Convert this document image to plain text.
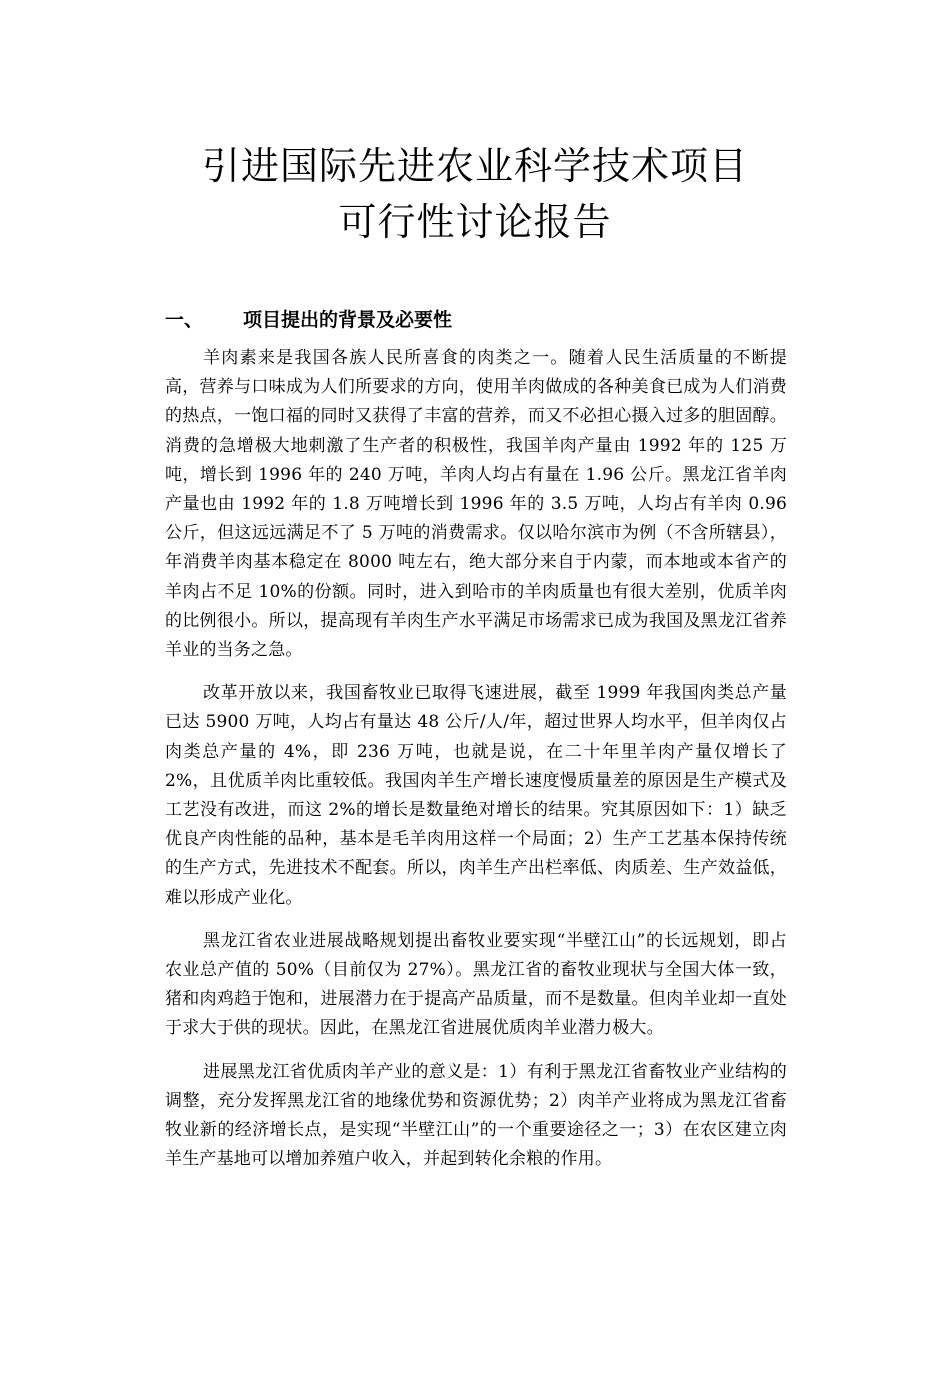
引进国际先进农业科学技术项目
可行性讨论报告
一、 项目提出的背景及必要性

羊肉素来是我国各族人民所喜食的肉类之一。随着人民生活质量的不断提高，营养与口味成为人们所要求的方向，使用羊肉做成的各种美食已成为人们消费的热点，一饱口福的同时又获得了丰富的营养，而又不必担心摄入过多的胆固醇。消费的急增极大地刺激了生产者的积极性，我国羊肉产量由 1992 年的 125 万吨，增长到 1996 年的 240 万吨，羊肉人均占有量在 1.96 公斤。黑龙江省羊肉产量也由 1992 年的 1.8 万吨增长到 1996 年的 3.5 万吨，人均占有羊肉 0.96 公斤，但这远远满足不了 5 万吨的消费需求。仅以哈尔滨市为例（不含所辖县），年消费羊肉基本稳定在 8000 吨左右，绝大部分来自于内蒙，而本地或本省产的羊肉占不足 10%的份额。同时，进入到哈市的羊肉质量也有很大差别，优质羊肉的比例很小。所以，提高现有羊肉生产水平满足市场需求已成为我国及黑龙江省养羊业的当务之急。

改革开放以来，我国畜牧业已取得飞速进展，截至 1999 年我国肉类总产量已达 5900 万吨，人均占有量达 48 公斤/人/年，超过世界人均水平，但羊肉仅占肉类总产量的 4%，即 236 万吨，也就是说，在二十年里羊肉产量仅增长了 2%，且优质羊肉比重较低。我国肉羊生产增长速度慢质量差的原因是生产模式及工艺没有改进，而这 2%的增长是数量绝对增长的结果。究其原因如下：1）缺乏优良产肉性能的品种，基本是毛羊肉用这样一个局面；2）生产工艺基本保持传统的生产方式，先进技术不配套。所以，肉羊生产出栏率低、肉质差、生产效益低，难以形成产业化。

黑龙江省农业进展战略规划提出畜牧业要实现“半壁江山”的长远规划，即占农业总产值的 50%（目前仅为 27%）。黑龙江省的畜牧业现状与全国大体一致，猪和肉鸡趋于饱和，进展潜力在于提高产品质量，而不是数量。但肉羊业却一直处于求大于供的现状。因此，在黑龙江省进展优质肉羊业潜力极大。

进展黑龙江省优质肉羊产业的意义是：1）有利于黑龙江省畜牧业产业结构的调整，充分发挥黑龙江省的地缘优势和资源优势；2）肉羊产业将成为黑龙江省畜牧业新的经济增长点，是实现“半壁江山”的一个重要途径之一；3）在农区建立肉羊生产基地可以增加养殖户收入，并起到转化余粮的作用。
